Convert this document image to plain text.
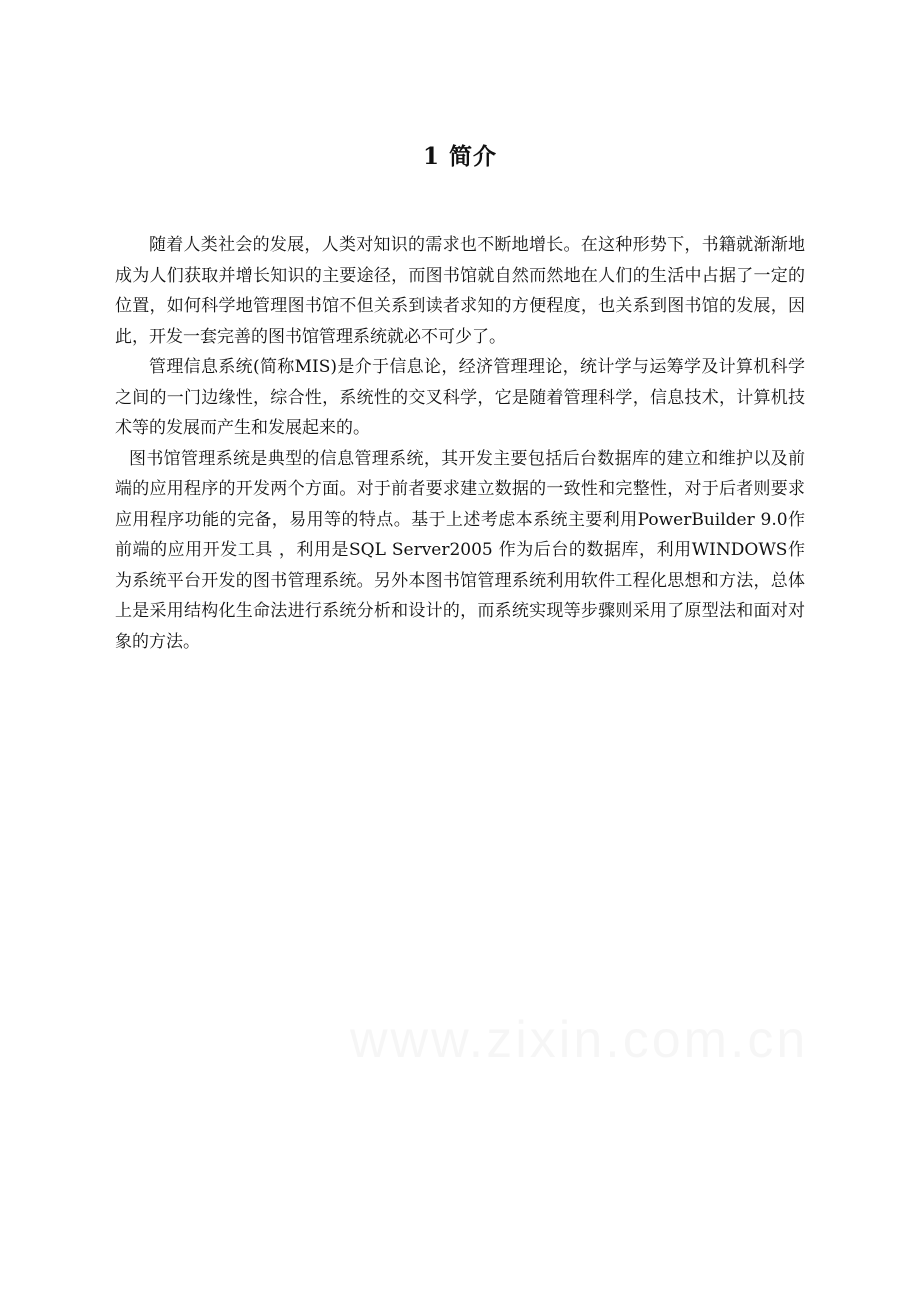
1 简介

随着人类社会的发展，人类对知识的需求也不断地增长。在这种形势下，书籍就渐渐地成为人们获取并增长知识的主要途径，而图书馆就自然而然地在人们的生活中占据了一定的位置，如何科学地管理图书馆不但关系到读者求知的方便程度，也关系到图书馆的发展，因此，开发一套完善的图书馆管理系统就必不可少了。

管理信息系统(简称MIS)是介于信息论，经济管理理论，统计学与运筹学及计算机科学之间的一门边缘性，综合性，系统性的交叉科学，它是随着管理科学，信息技术，计算机技术等的发展而产生和发展起来的。

图书馆管理系统是典型的信息管理系统，其开发主要包括后台数据库的建立和维护以及前端的应用程序的开发两个方面。对于前者要求建立数据的一致性和完整性，对于后者则要求应用程序功能的完备，易用等的特点。基于上述考虑本系统主要利用PowerBuilder 9.0作前端的应用开发工具 ，利用是SQL Server2005 作为后台的数据库，利用WINDOWS作为系统平台开发的图书管理系统。另外本图书馆管理系统利用软件工程化思想和方法，总体上是采用结构化生命法进行系统分析和设计的，而系统实现等步骤则采用了原型法和面对对象的方法。
